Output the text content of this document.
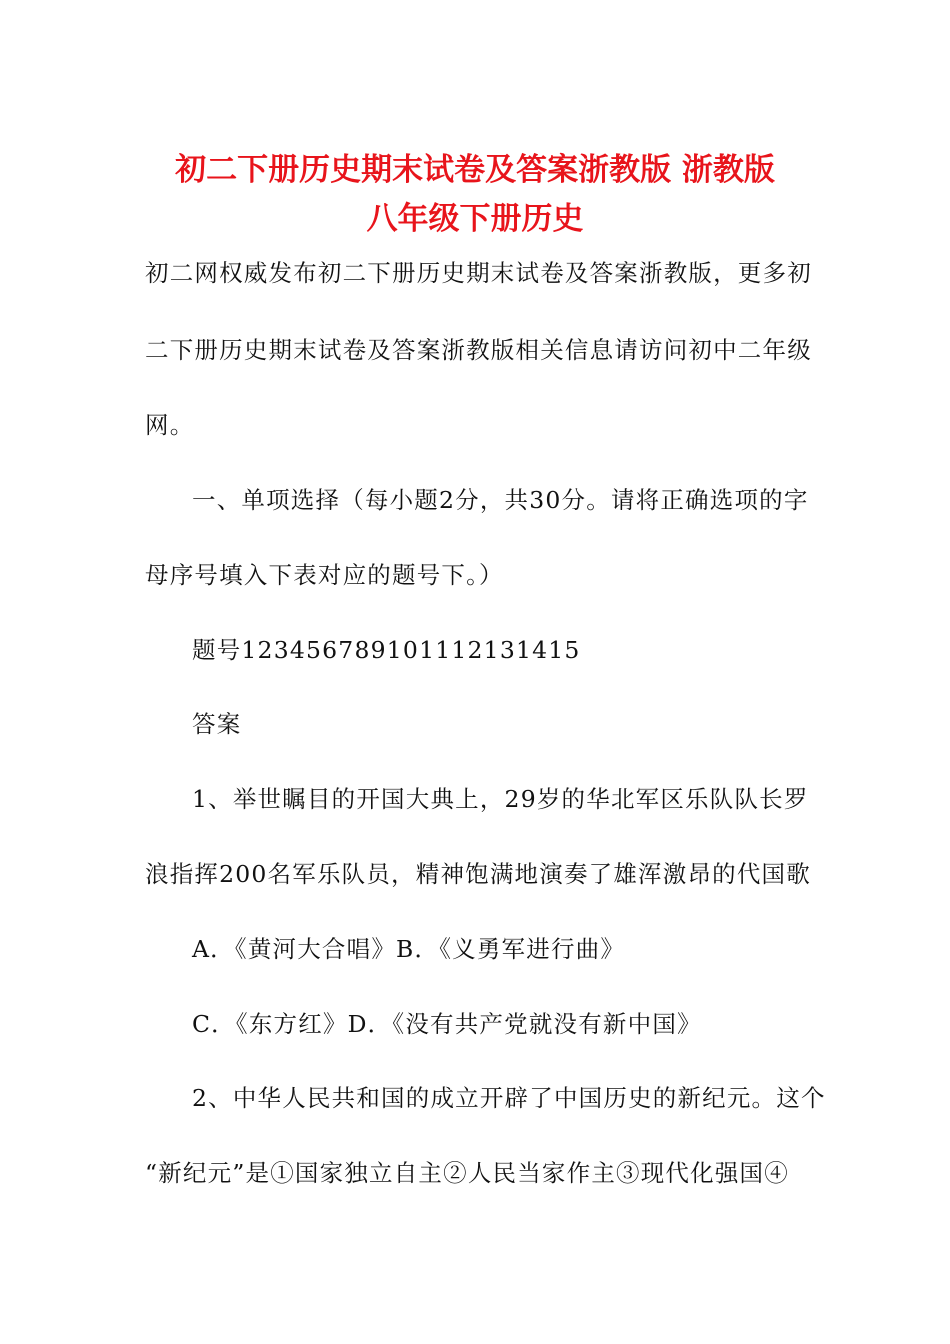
初二下册历史期末试卷及答案浙教版 浙教版
八年级下册历史
初二网权威发布初二下册历史期末试卷及答案浙教版，更多初
二下册历史期末试卷及答案浙教版相关信息请访问初中二年级
网。
一、单项选择（每小题2分，共30分。请将正确选项的字
母序号填入下表对应的题号下。）
题号123456789101112131415
答案
1、举世瞩目的开国大典上，29岁的华北军区乐队队长罗
浪指挥200名军乐队员，精神饱满地演奏了雄浑激昂的代国歌
A．《黄河大合唱》B．《义勇军进行曲》
C．《东方红》D．《没有共产党就没有新中国》
2、中华人民共和国的成立开辟了中国历史的新纪元。这个
“新纪元”是①国家独立自主②人民当家作主③现代化强国④
